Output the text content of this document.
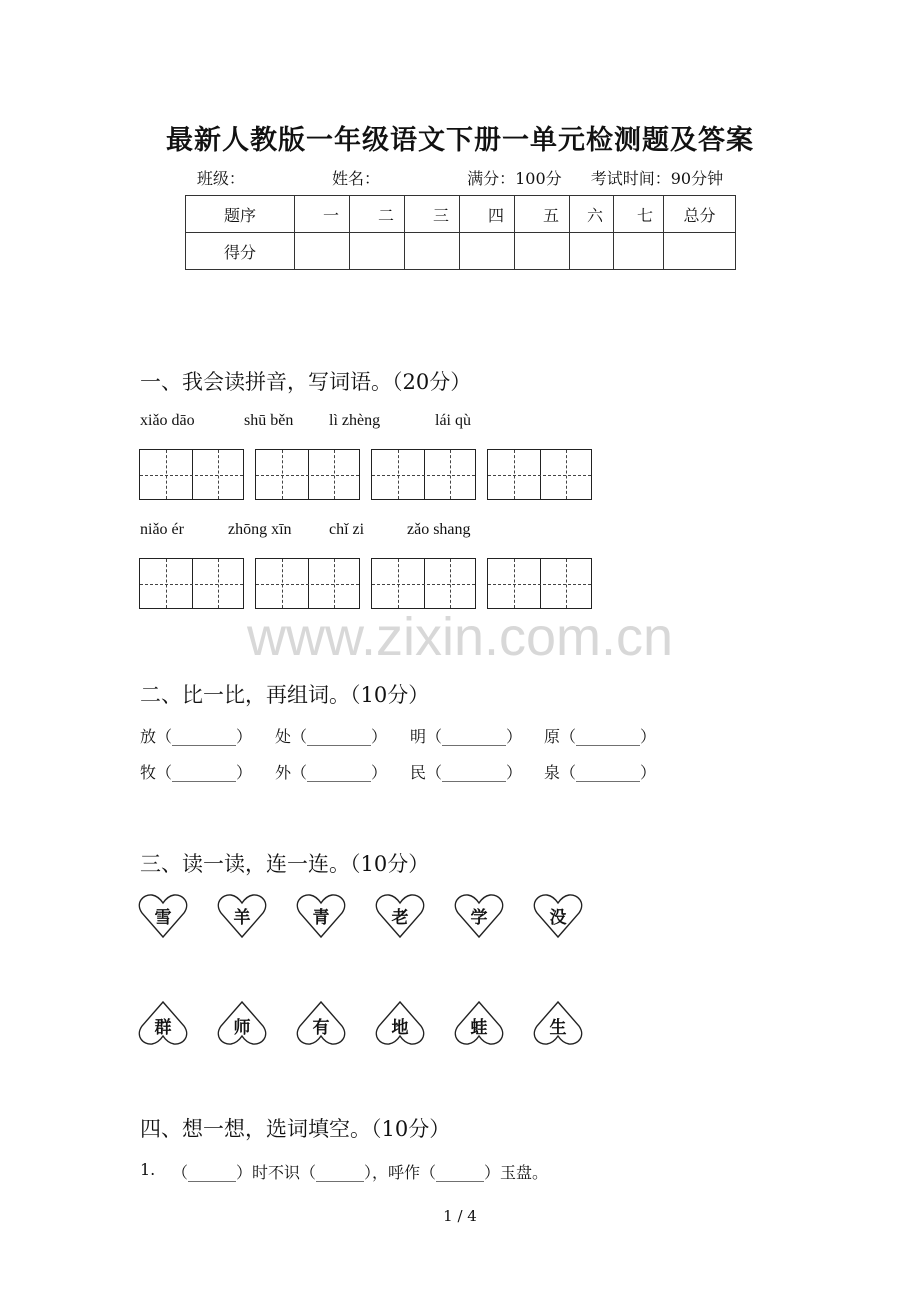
最新人教版一年级语文下册一单元检测题及答案
班级：	姓名：	满分：100分 考试时间：90分钟
题序	一	二	三	四	五	六	七	总分
得分								
一、我会读拼音，写词语。（20分）
xiǎo dāo	shū běn lì zhèng	lái qù
niǎo ér	zhōng xīn chǐ zi	zǎo shang
www.zixin.com.cn
二、比一比，再组词。（10分）
放（________） 处（________） 明（________） 原（________）
牧（________） 外（________） 民（________） 泉（________）
三、读一读，连一连。（10分）
雪	羊	青	老	学	没
群	师	有	地	蛙	生
四、想一想，选词填空。（10分）
1. （______）时不识（______），呼作（______）玉盘。
1 / 4
